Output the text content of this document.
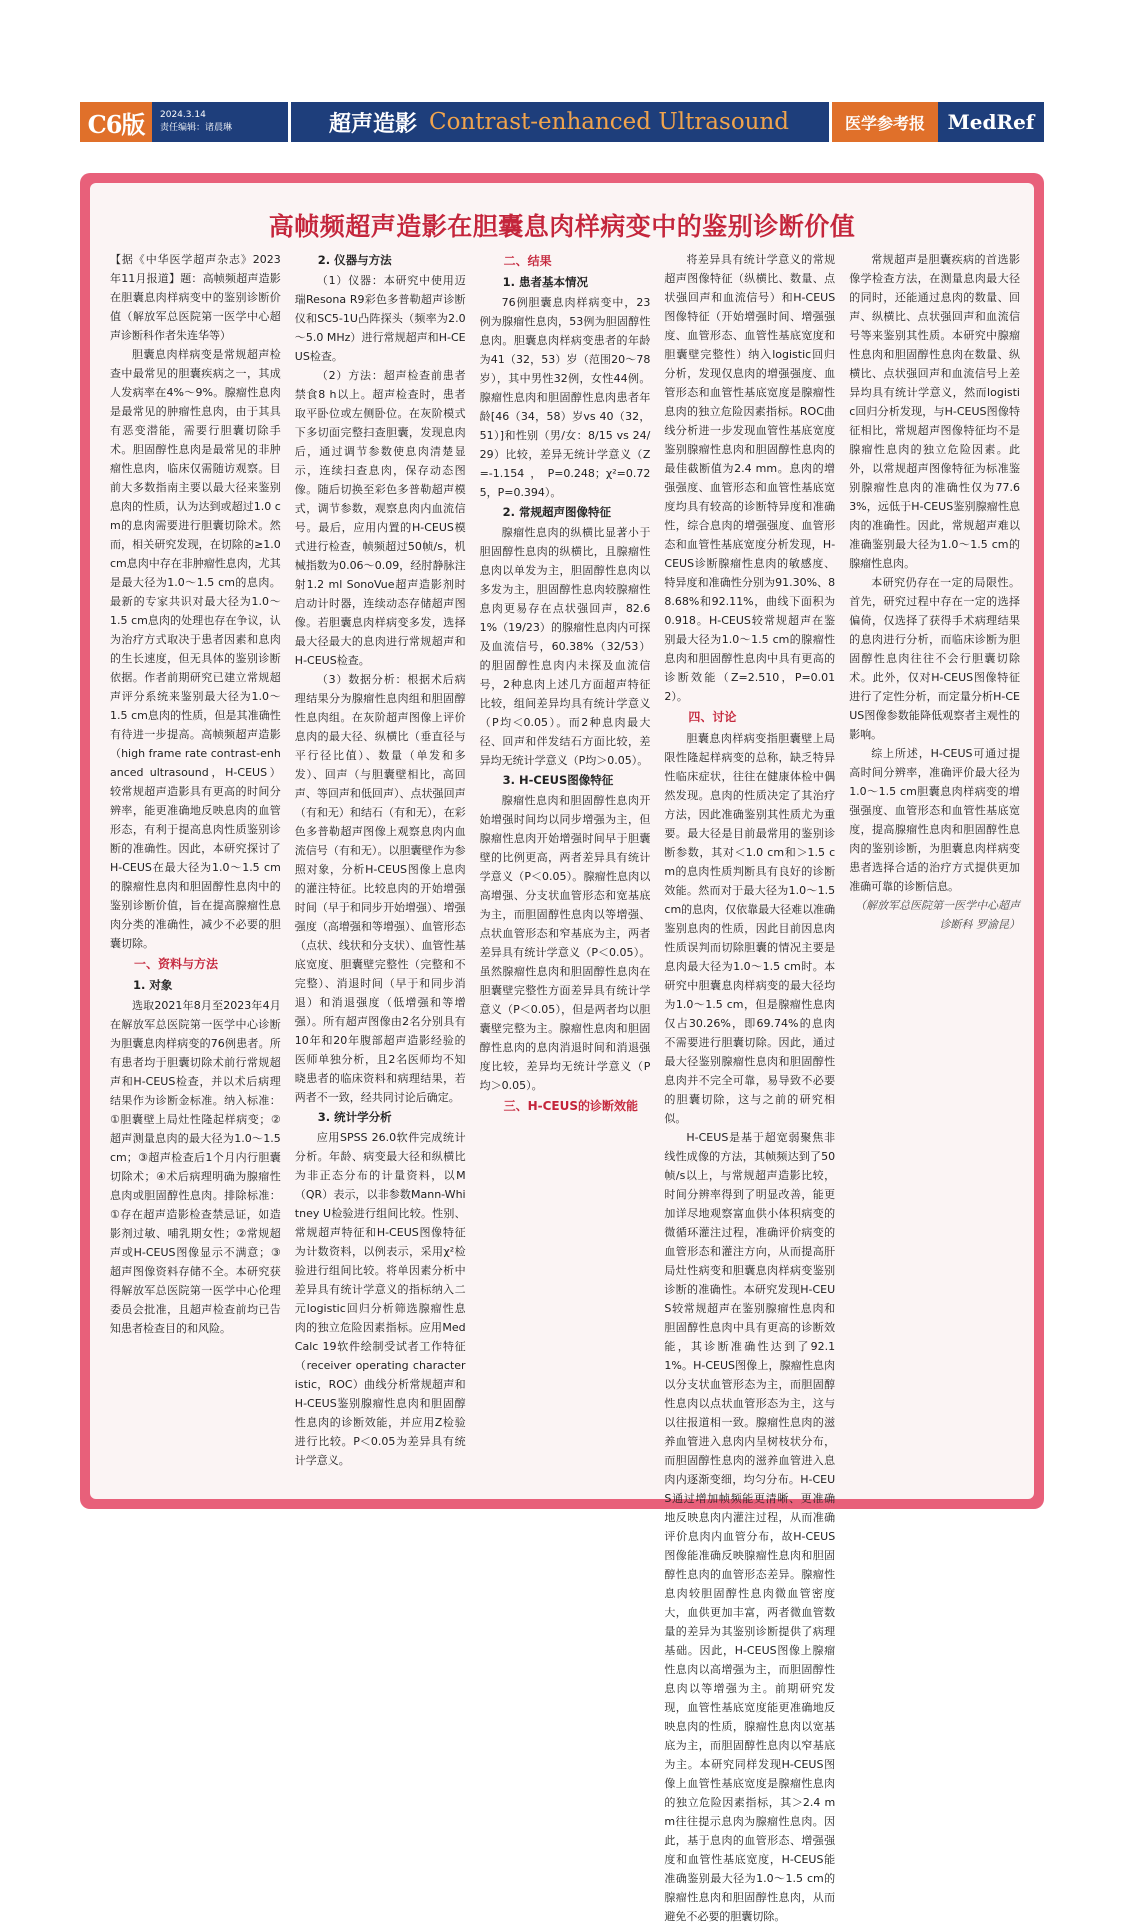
C6版	2024.3.14
责任编辑：诸晨琳	超声造影 Contrast-enhanced Ultrasound	医学参考报	MedRef
高帧频超声造影在胆囊息肉样病变中的鉴别诊断价值

【据《中华医学超声杂志》2023年11月报道】题：高帧频超声造影在胆囊息肉样病变中的鉴别诊断价值（解放军总医院第一医学中心超声诊断科作者朱连华等）

胆囊息肉样病变是常规超声检查中最常见的胆囊疾病之一，其成人发病率在4%～9%。腺瘤性息肉是最常见的肿瘤性息肉，由于其具有恶变潜能，需要行胆囊切除手术。胆固醇性息肉是最常见的非肿瘤性息肉，临床仅需随访观察。目前大多数指南主要以最大径来鉴别息肉的性质，认为达到或超过1.0 cm的息肉需要进行胆囊切除术。然而，相关研究发现，在切除的≥1.0 cm息肉中存在非肿瘤性息肉，尤其是最大径为1.0～1.5 cm的息肉。最新的专家共识对最大径为1.0～1.5 cm息肉的处理也存在争议，认为治疗方式取决于患者因素和息肉的生长速度，但无具体的鉴别诊断依据。作者前期研究已建立常规超声评分系统来鉴别最大径为1.0～1.5 cm息肉的性质，但是其准确性有待进一步提高。高帧频超声造影（high frame rate contrast-enhanced ultrasound，H-CEUS）较常规超声造影具有更高的时间分辨率，能更准确地反映息肉的血管形态，有利于提高息肉性质鉴别诊断的准确性。因此，本研究探讨了H-CEUS在最大径为1.0～1.5 cm的腺瘤性息肉和胆固醇性息肉中的鉴别诊断价值，旨在提高腺瘤性息肉分类的准确性，减少不必要的胆囊切除。

一、资料与方法
1. 对象

选取2021年8月至2023年4月在解放军总医院第一医学中心诊断为胆囊息肉样病变的76例患者。所有患者均于胆囊切除术前行常规超声和H-CEUS检查，并以术后病理结果作为诊断金标准。纳入标准：①胆囊壁上局灶性隆起样病变；②超声测量息肉的最大径为1.0～1.5 cm；③超声检查后1个月内行胆囊切除术；④术后病理明确为腺瘤性息肉或胆固醇性息肉。排除标准：①存在超声造影检查禁忌证，如造影剂过敏、哺乳期女性；②常规超声或H-CEUS图像显示不满意；③超声图像资料存储不全。本研究获得解放军总医院第一医学中心伦理委员会批准，且超声检查前均已告知患者检查目的和风险。

2. 仪器与方法

（1）仪器：本研究中使用迈瑞Resona R9彩色多普勒超声诊断仪和SC5-1U凸阵探头（频率为2.0～5.0 MHz）进行常规超声和H-CEUS检查。

（2）方法：超声检查前患者禁食8 h以上。超声检查时，患者取平卧位或左侧卧位。在灰阶模式下多切面完整扫查胆囊，发现息肉后，通过调节参数使息肉清楚显示，连续扫查息肉，保存动态图像。随后切换至彩色多普勒超声模式，调节参数，观察息肉内血流信号。最后，应用内置的H-CEUS模式进行检查，帧频超过50帧/s，机械指数为0.06～0.09，经肘静脉注射1.2 ml SonoVue超声造影剂时启动计时器，连续动态存储超声图像。若胆囊息肉样病变多发，选择最大径最大的息肉进行常规超声和H-CEUS检查。

（3）数据分析：根据术后病理结果分为腺瘤性息肉组和胆固醇性息肉组。在灰阶超声图像上评价息肉的最大径、纵横比（垂直径与平行径比值）、数量（单发和多发）、回声（与胆囊壁相比，高回声、等回声和低回声）、点状强回声（有和无）和结石（有和无），在彩色多普勒超声图像上观察息肉内血流信号（有和无）。以胆囊壁作为参照对象，分析H-CEUS图像上息肉的灌注特征。比较息肉的开始增强时间（早于和同步开始增强）、增强强度（高增强和等增强）、血管形态（点状、线状和分支状）、血管性基底宽度、胆囊壁完整性（完整和不完整）、消退时间（早于和同步消退）和消退强度（低增强和等增强）。所有超声图像由2名分别具有10年和20年腹部超声造影经验的医师单独分析，且2名医师均不知晓患者的临床资料和病理结果，若两者不一致，经共同讨论后确定。

3. 统计学分析

应用SPSS 26.0软件完成统计分析。年龄、病变最大径和纵横比为非正态分布的计量资料，以M（QR）表示，以非参数Mann-Whitney U检验进行组间比较。性别、常规超声特征和H-CEUS图像特征为计数资料，以例表示，采用χ²检验进行组间比较。将单因素分析中差异具有统计学意义的指标纳入二元logistic回归分析筛选腺瘤性息肉的独立危险因素指标。应用MedCalc 19软件绘制受试者工作特征（receiver operating characteristic，ROC）曲线分析常规超声和H-CEUS鉴别腺瘤性息肉和胆固醇性息肉的诊断效能，并应用Z检验进行比较。P＜0.05为差异具有统计学意义。

二、结果
1. 患者基本情况

76例胆囊息肉样病变中，23例为腺瘤性息肉，53例为胆固醇性息肉。胆囊息肉样病变患者的年龄为41（32，53）岁（范围20～78岁），其中男性32例，女性44例。腺瘤性息肉和胆固醇性息肉患者年龄[46（34，58）岁vs 40（32，51）]和性别（男/女：8/15 vs 24/29）比较，差异无统计学意义（Z=-1.154，P=0.248；χ²=0.725，P=0.394）。

2. 常规超声图像特征

腺瘤性息肉的纵横比显著小于胆固醇性息肉的纵横比，且腺瘤性息肉以单发为主，胆固醇性息肉以多发为主，胆固醇性息肉较腺瘤性息肉更易存在点状强回声，82.61%（19/23）的腺瘤性息肉内可探及血流信号，60.38%（32/53）的胆固醇性息肉内未探及血流信号，2种息肉上述几方面超声特征比较，组间差异均具有统计学意义（P均＜0.05）。而2种息肉最大径、回声和伴发结石方面比较，差异均无统计学意义（P均＞0.05）。

3. H-CEUS图像特征

腺瘤性息肉和胆固醇性息肉开始增强时间均以同步增强为主，但腺瘤性息肉开始增强时间早于胆囊壁的比例更高，两者差异具有统计学意义（P＜0.05）。腺瘤性息肉以高增强、分支状血管形态和宽基底为主，而胆固醇性息肉以等增强、点状血管形态和窄基底为主，两者差异具有统计学意义（P＜0.05）。虽然腺瘤性息肉和胆固醇性息肉在胆囊壁完整性方面差异具有统计学意义（P＜0.05），但是两者均以胆囊壁完整为主。腺瘤性息肉和胆固醇性息肉的息肉消退时间和消退强度比较，差异均无统计学意义（P均＞0.05）。

三、H-CEUS的诊断效能

将差异具有统计学意义的常规超声图像特征（纵横比、数量、点状强回声和血流信号）和H-CEUS图像特征（开始增强时间、增强强度、血管形态、血管性基底宽度和胆囊壁完整性）纳入logistic回归分析，发现仅息肉的增强强度、血管形态和血管性基底宽度是腺瘤性息肉的独立危险因素指标。ROC曲线分析进一步发现血管性基底宽度鉴别腺瘤性息肉和胆固醇性息肉的最佳截断值为2.4 mm。息肉的增强强度、血管形态和血管性基底宽度均具有较高的诊断特异度和准确性，综合息肉的增强强度、血管形态和血管性基底宽度分析发现，H-CEUS诊断腺瘤性息肉的敏感度、特异度和准确性分别为91.30%、88.68%和92.11%，曲线下面积为0.918。H-CEUS较常规超声在鉴别最大径为1.0～1.5 cm的腺瘤性息肉和胆固醇性息肉中具有更高的诊断效能（Z=2.510，P=0.012）。

四、讨论

胆囊息肉样病变指胆囊壁上局限性隆起样病变的总称，缺乏特异性临床症状，往往在健康体检中偶然发现。息肉的性质决定了其治疗方法，因此准确鉴别其性质尤为重要。最大径是目前最常用的鉴别诊断参数，其对＜1.0 cm和＞1.5 cm的息肉性质判断具有良好的诊断效能。然而对于最大径为1.0～1.5 cm的息肉，仅依靠最大径难以准确鉴别息肉的性质，因此目前因息肉性质误判而切除胆囊的情况主要是息肉最大径为1.0～1.5 cm时。本研究中胆囊息肉样病变的最大径均为1.0～1.5 cm，但是腺瘤性息肉仅占30.26%，即69.74%的息肉不需要进行胆囊切除。因此，通过最大径鉴别腺瘤性息肉和胆固醇性息肉并不完全可靠，易导致不必要的胆囊切除，这与之前的研究相似。

H-CEUS是基于超宽弱聚焦非线性成像的方法，其帧频达到了50帧/s以上，与常规超声造影比较，时间分辨率得到了明显改善，能更加详尽地观察富血供小体积病变的微循环灌注过程，准确评价病变的血管形态和灌注方向，从而提高肝局灶性病变和胆囊息肉样病变鉴别诊断的准确性。本研究发现H-CEUS较常规超声在鉴别腺瘤性息肉和胆固醇性息肉中具有更高的诊断效能，其诊断准确性达到了92.11%。H-CEUS图像上，腺瘤性息肉以分支状血管形态为主，而胆固醇性息肉以点状血管形态为主，这与以往报道相一致。腺瘤性息肉的滋养血管进入息肉内呈树枝状分布，而胆固醇性息肉的滋养血管进入息肉内逐渐变细，均匀分布。H-CEUS通过增加帧频能更清晰、更准确地反映息肉内灌注过程，从而准确评价息肉内血管分布，故H-CEUS图像能准确反映腺瘤性息肉和胆固醇性息肉的血管形态差异。腺瘤性息肉较胆固醇性息肉微血管密度大，血供更加丰富，两者微血管数量的差异为其鉴别诊断提供了病理基础。因此，H-CEUS图像上腺瘤性息肉以高增强为主，而胆固醇性息肉以等增强为主。前期研究发现，血管性基底宽度能更准确地反映息肉的性质，腺瘤性息肉以宽基底为主，而胆固醇性息肉以窄基底为主。本研究同样发现H-CEUS图像上血管性基底宽度是腺瘤性息肉的独立危险因素指标，其＞2.4 mm往往提示息肉为腺瘤性息肉。因此，基于息肉的血管形态、增强强度和血管性基底宽度，H-CEUS能准确鉴别最大径为1.0～1.5 cm的腺瘤性息肉和胆固醇性息肉，从而避免不必要的胆囊切除。

常规超声是胆囊疾病的首选影像学检查方法，在测量息肉最大径的同时，还能通过息肉的数量、回声、纵横比、点状强回声和血流信号等来鉴别其性质。本研究中腺瘤性息肉和胆固醇性息肉在数量、纵横比、点状强回声和血流信号上差异均具有统计学意义，然而logistic回归分析发现，与H-CEUS图像特征相比，常规超声图像特征均不是腺瘤性息肉的独立危险因素。此外，以常规超声图像特征为标准鉴别腺瘤性息肉的准确性仅为77.63%，远低于H-CEUS鉴别腺瘤性息肉的准确性。因此，常规超声难以准确鉴别最大径为1.0～1.5 cm的腺瘤性息肉。

本研究仍存在一定的局限性。首先，研究过程中存在一定的选择偏倚，仅选择了获得手术病理结果的息肉进行分析，而临床诊断为胆固醇性息肉往往不会行胆囊切除术。此外，仅对H-CEUS图像特征进行了定性分析，而定量分析H-CEUS图像参数能降低观察者主观性的影响。

综上所述，H-CEUS可通过提高时间分辨率，准确评价最大径为1.0～1.5 cm胆囊息肉样病变的增强强度、血管形态和血管性基底宽度，提高腺瘤性息肉和胆固醇性息肉的鉴别诊断，为胆囊息肉样病变患者选择合适的治疗方式提供更加准确可靠的诊断信息。

（解放军总医院第一医学中心超声诊断科 罗渝昆）
